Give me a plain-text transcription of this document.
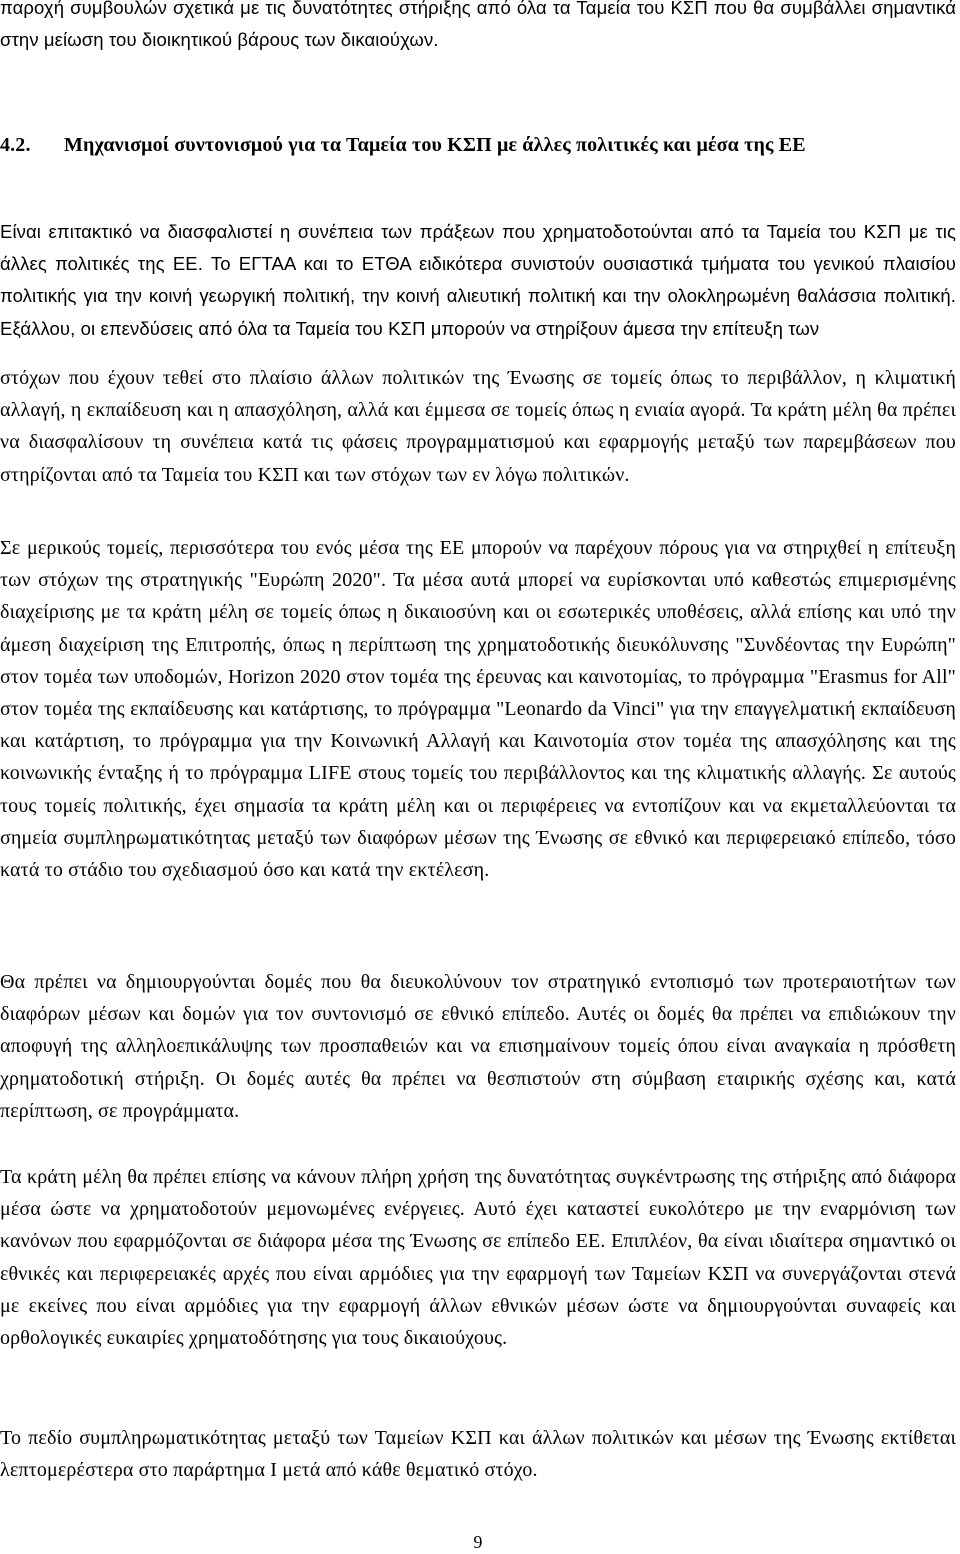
παροχή συμβουλών σχετικά με τις δυνατότητες στήριξης από όλα τα Ταμεία του ΚΣΠ που θα συμβάλλει σημαντικά στην μείωση του διοικητικού βάρους των δικαιούχων.

4.2.	Μηχανισμοί συντονισμού για τα Ταμεία του ΚΣΠ με άλλες πολιτικές και μέσα της ΕΕ

Είναι επιτακτικό να διασφαλιστεί η συνέπεια των πράξεων που χρηματοδοτούνται από τα Ταμεία του ΚΣΠ με τις άλλες πολιτικές της ΕΕ. Το ΕΓΤΑΑ και το ΕΤΘΑ ειδικότερα συνιστούν ουσιαστικά τμήματα του γενικού πλαισίου πολιτικής για την κοινή γεωργική πολιτική, την κοινή αλιευτική πολιτική και την ολοκληρωμένη θαλάσσια πολιτική. Εξάλλου, οι επενδύσεις από όλα τα Ταμεία του ΚΣΠ μπορούν να στηρίξουν άμεσα την επίτευξη των

στόχων που έχουν τεθεί στο πλαίσιο άλλων πολιτικών της Ένωσης σε τομείς όπως το περιβάλλον, η κλιματική αλλαγή, η εκπαίδευση και η απασχόληση, αλλά και έμμεσα σε τομείς όπως η ενιαία αγορά. Τα κράτη μέλη θα πρέπει να διασφαλίσουν τη συνέπεια κατά τις φάσεις προγραμματισμού και εφαρμογής μεταξύ των παρεμβάσεων που στηρίζονται από τα Ταμεία του ΚΣΠ και των στόχων των εν λόγω πολιτικών.

Σε μερικούς τομείς, περισσότερα του ενός μέσα της ΕΕ μπορούν να παρέχουν πόρους για να στηριχθεί η επίτευξη των στόχων της στρατηγικής "Ευρώπη 2020". Τα μέσα αυτά μπορεί να ευρίσκονται υπό καθεστώς επιμερισμένης διαχείρισης με τα κράτη μέλη σε τομείς όπως η δικαιοσύνη και οι εσωτερικές υποθέσεις, αλλά επίσης και υπό την άμεση διαχείριση της Επιτροπής, όπως η περίπτωση της χρηματοδοτικής διευκόλυνσης "Συνδέοντας την Ευρώπη" στον τομέα των υποδομών, Horizon 2020 στον τομέα της έρευνας και καινοτομίας, το πρόγραμμα "Erasmus for All" στον τομέα της εκπαίδευσης και κατάρτισης, το πρόγραμμα "Leonardo da Vinci" για την επαγγελματική εκπαίδευση και κατάρτιση, το πρόγραμμα για την Κοινωνική Αλλαγή και Καινοτομία στον τομέα της απασχόλησης και της κοινωνικής ένταξης ή το πρόγραμμα LIFE στους τομείς του περιβάλλοντος και της κλιματικής αλλαγής. Σε αυτούς τους τομείς πολιτικής, έχει σημασία τα κράτη μέλη και οι περιφέρειες να εντοπίζουν και να εκμεταλλεύονται τα σημεία συμπληρωματικότητας μεταξύ των διαφόρων μέσων της Ένωσης σε εθνικό και περιφερειακό επίπεδο, τόσο κατά το στάδιο του σχεδιασμού όσο και κατά την εκτέλεση.

Θα πρέπει να δημιουργούνται δομές που θα διευκολύνουν τον στρατηγικό εντοπισμό των προτεραιοτήτων των διαφόρων μέσων και δομών για τον συντονισμό σε εθνικό επίπεδο. Αυτές οι δομές θα πρέπει να επιδιώκουν την αποφυγή της αλληλοεπικάλυψης των προσπαθειών και να επισημαίνουν τομείς όπου είναι αναγκαία η πρόσθετη χρηματοδοτική στήριξη. Οι δομές αυτές θα πρέπει να θεσπιστούν στη σύμβαση εταιρικής σχέσης και, κατά περίπτωση, σε προγράμματα.

Τα κράτη μέλη θα πρέπει επίσης να κάνουν πλήρη χρήση της δυνατότητας συγκέντρωσης της στήριξης από διάφορα μέσα ώστε να χρηματοδοτούν μεμονωμένες ενέργειες. Αυτό έχει καταστεί ευκολότερο με την εναρμόνιση των κανόνων που εφαρμόζονται σε διάφορα μέσα της Ένωσης σε επίπεδο ΕΕ. Επιπλέον, θα είναι ιδιαίτερα σημαντικό οι εθνικές και περιφερειακές αρχές που είναι αρμόδιες για την εφαρμογή των Ταμείων ΚΣΠ να συνεργάζονται στενά με εκείνες που είναι αρμόδιες για την εφαρμογή άλλων εθνικών μέσων ώστε να δημιουργούνται συναφείς και ορθολογικές ευκαιρίες χρηματοδότησης για τους δικαιούχους.

Το πεδίο συμπληρωματικότητας μεταξύ των Ταμείων ΚΣΠ και άλλων πολιτικών και μέσων της Ένωσης εκτίθεται λεπτομερέστερα στο παράρτημα Ι μετά από κάθε θεματικό στόχο.

9
